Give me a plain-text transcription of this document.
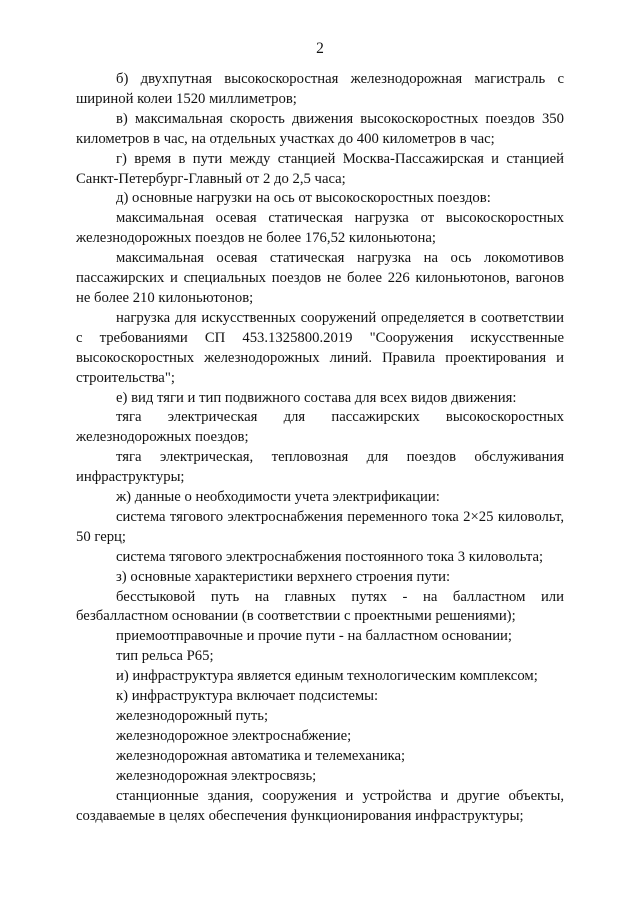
2

б) двухпутная высокоскоростная железнодорожная магистраль с шириной колеи 1520 миллиметров;

в) максимальная скорость движения высокоскоростных поездов 350 километров в час, на отдельных участках до 400 километров в час;

г) время в пути между станцией Москва-Пассажирская и станцией Санкт-Петербург-Главный от 2 до 2,5 часа;

д) основные нагрузки на ось от высокоскоростных поездов:

максимальная осевая статическая нагрузка от высокоскоростных железнодорожных поездов не более 176,52 килоньютона;

максимальная осевая статическая нагрузка на ось локомотивов пассажирских и специальных поездов не более 226 килоньютонов, вагонов не более 210 килоньютонов;

нагрузка для искусственных сооружений определяется в соответствии с требованиями СП 453.1325800.2019 "Сооружения искусственные высокоскоростных железнодорожных линий. Правила проектирования и строительства";

е) вид тяги и тип подвижного состава для всех видов движения:

тяга электрическая для пассажирских высокоскоростных железнодорожных поездов;

тяга электрическая, тепловозная для поездов обслуживания инфраструктуры;

ж) данные о необходимости учета электрификации:

система тягового электроснабжения переменного тока 2×25 киловольт, 50 герц;

система тягового электроснабжения постоянного тока 3 киловольта;

з) основные характеристики верхнего строения пути:

бесстыковой путь на главных путях - на балластном или безбалластном основании (в соответствии с проектными решениями);

приемоотправочные и прочие пути - на балластном основании;

тип рельса Р65;

и) инфраструктура является единым технологическим комплексом;

к) инфраструктура включает подсистемы:

железнодорожный путь;

железнодорожное электроснабжение;

железнодорожная автоматика и телемеханика;

железнодорожная электросвязь;

станционные здания, сооружения и устройства и другие объекты, создаваемые в целях обеспечения функционирования инфраструктуры;
